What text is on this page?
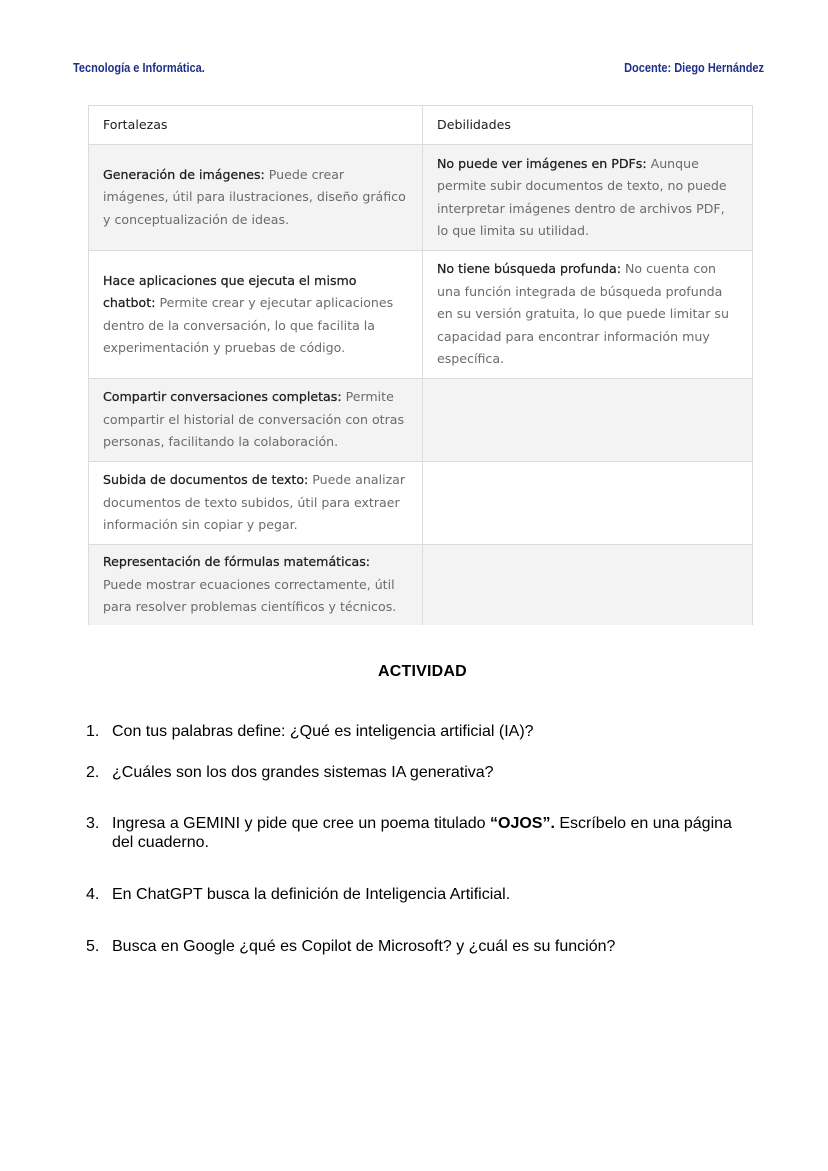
Tecnología e Informática.	Docente: Diego Hernández
Fortalezas	Debilidades
Generación de imágenes: Puede crear imágenes, útil para ilustraciones, diseño gráfico y conceptualización de ideas.	No puede ver imágenes en PDFs: Aunque permite subir documentos de texto, no puede interpretar imágenes dentro de archivos PDF, lo que limita su utilidad.
Hace aplicaciones que ejecuta el mismo chatbot: Permite crear y ejecutar aplicaciones dentro de la conversación, lo que facilita la experimentación y pruebas de código.	No tiene búsqueda profunda: No cuenta con una función integrada de búsqueda profunda en su versión gratuita, lo que puede limitar su capacidad para encontrar información muy específica.
Compartir conversaciones completas: Permite compartir el historial de conversación con otras personas, facilitando la colaboración.	
Subida de documentos de texto: Puede analizar documentos de texto subidos, útil para extraer información sin copiar y pegar.	
Representación de fórmulas matemáticas: Puede mostrar ecuaciones correctamente, útil para resolver problemas científicos y técnicos.	
ACTIVIDAD
1. Con tus palabras define: ¿Qué es inteligencia artificial (IA)?
2. ¿Cuáles son los dos grandes sistemas IA generativa?
3. Ingresa a GEMINI y pide que cree un poema titulado “OJOS”. Escríbelo en una página del cuaderno.
4. En ChatGPT busca la definición de Inteligencia Artificial.
5. Busca en Google ¿qué es Copilot de Microsoft? y ¿cuál es su función?
